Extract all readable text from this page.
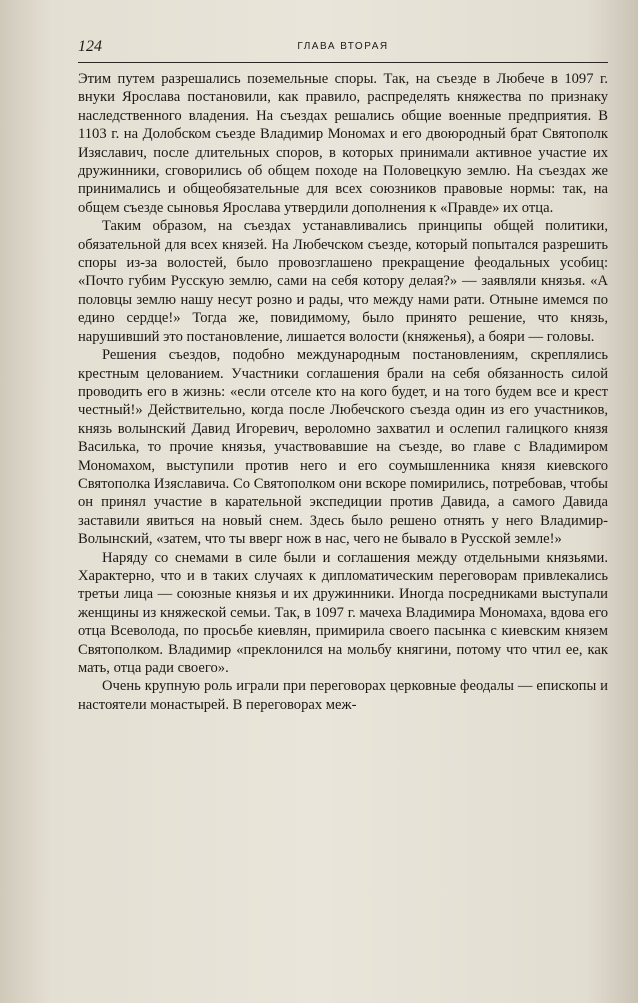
124	ГЛАВА ВТОРАЯ

Этим путем разрешались поземельные споры. Так, на съезде в Любече в 1097 г. внуки Ярослава постановили, как правило, распределять княжества по признаку наследственного владения. На съездах решались общие военные предприятия. В 1103 г. на Долобском съезде Владимир Мономах и его двоюродный брат Святополк Изяславич, после длительных споров, в которых принимали активное участие их дружинники, сговорились об общем походе на Половецкую землю. На съездах же принимались и общеобязательные для всех союзников правовые нормы: так, на общем съезде сыновья Ярослава утвердили дополнения к «Правде» их отца.

Таким образом, на съездах устанавливались принципы общей политики, обязательной для всех князей. На Любечском съезде, который попытался разрешить споры из-за волостей, было провозглашено прекращение феодальных усобиц: «Почто губим Русскую землю, сами на себя котору делая?» — заявляли князья. «А половцы землю нашу несут розно и рады, что между нами рати. Отныне имемся по едино сердце!» Тогда же, повидимому, было принято решение, что князь, нарушивший это постановление, лишается волости (княженья), а бояри — головы.

Решения съездов, подобно международным постановлениям, скреплялись крестным целованием. Участники соглашения брали на себя обязанность силой проводить его в жизнь: «если отселе кто на кого будет, и на того будем все и крест честный!» Действительно, когда после Любечского съезда один из его участников, князь волынский Давид Игоревич, вероломно захватил и ослепил галицкого князя Василька, то прочие князья, участвовавшие на съезде, во главе с Владимиром Мономахом, выступили против него и его соумышленника князя киевского Святополка Изяславича. Со Святополком они вскоре помирились, потребовав, чтобы он принял участие в карательной экспедиции против Давида, а самого Давида заставили явиться на новый снем. Здесь было решено отнять у него Владимир-Волынский, «затем, что ты вверг нож в нас, чего не бывало в Русской земле!»

Наряду со снемами в силе были и соглашения между отдельными князьями. Характерно, что и в таких случаях к дипломатическим переговорам привлекались третьи лица — союзные князья и их дружинники. Иногда посредниками выступали женщины из княжеской семьи. Так, в 1097 г. мачеха Владимира Мономаха, вдова его отца Всеволода, по просьбе киевлян, примирила своего пасынка с киевским князем Святополком. Владимир «преклонился на мольбу княгини, потому что чтил ее, как мать, отца ради своего».

Очень крупную роль играли при переговорах церковные феодалы — епископы и настоятели монастырей. В переговорах меж-
